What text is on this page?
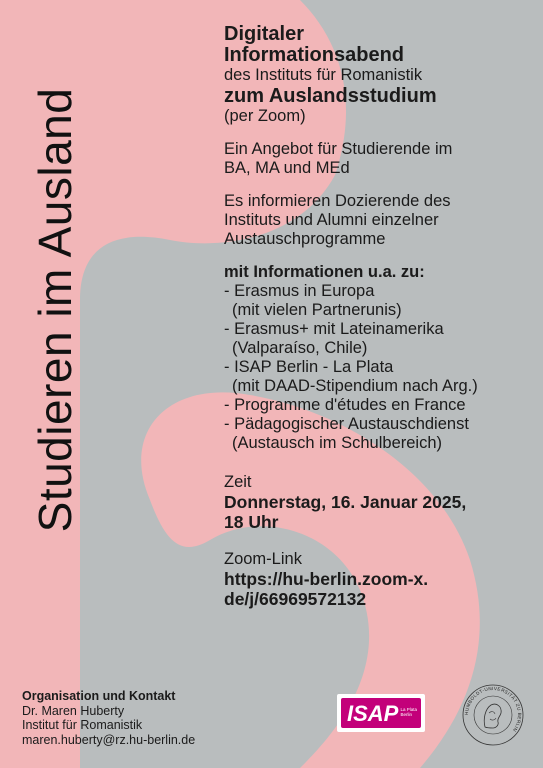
Studieren im Ausland
Digitaler
Informationsabend
des Instituts für Romanistik
zum Auslandsstudium
(per Zoom)
Ein Angebot für Studierende im
BA, MA und MEd
Es informieren Dozierende des
Instituts und Alumni einzelner
Austauschprogramme
mit Informationen u.a. zu:
- Erasmus in Europa
(mit vielen Partnerunis)
- Erasmus+ mit Lateinamerika
(Valparaíso, Chile)
- ISAP Berlin - La Plata
(mit DAAD-Stipendium nach Arg.)
- Programme d'études en France
- Pädagogischer Austauschdienst
(Austausch im Schulbereich)
Zeit
Donnerstag, 16. Januar 2025,
18 Uhr
Zoom-Link
https://hu-berlin.zoom-x.
de/j/66969572132
Organisation und Kontakt
Dr. Maren Huberty
Institut für Romanistik
maren.huberty@rz.hu-berlin.de
ISAP La Plata
Berlin	HUMBOLDT-UNIVERSITÄT ZU BERLIN
